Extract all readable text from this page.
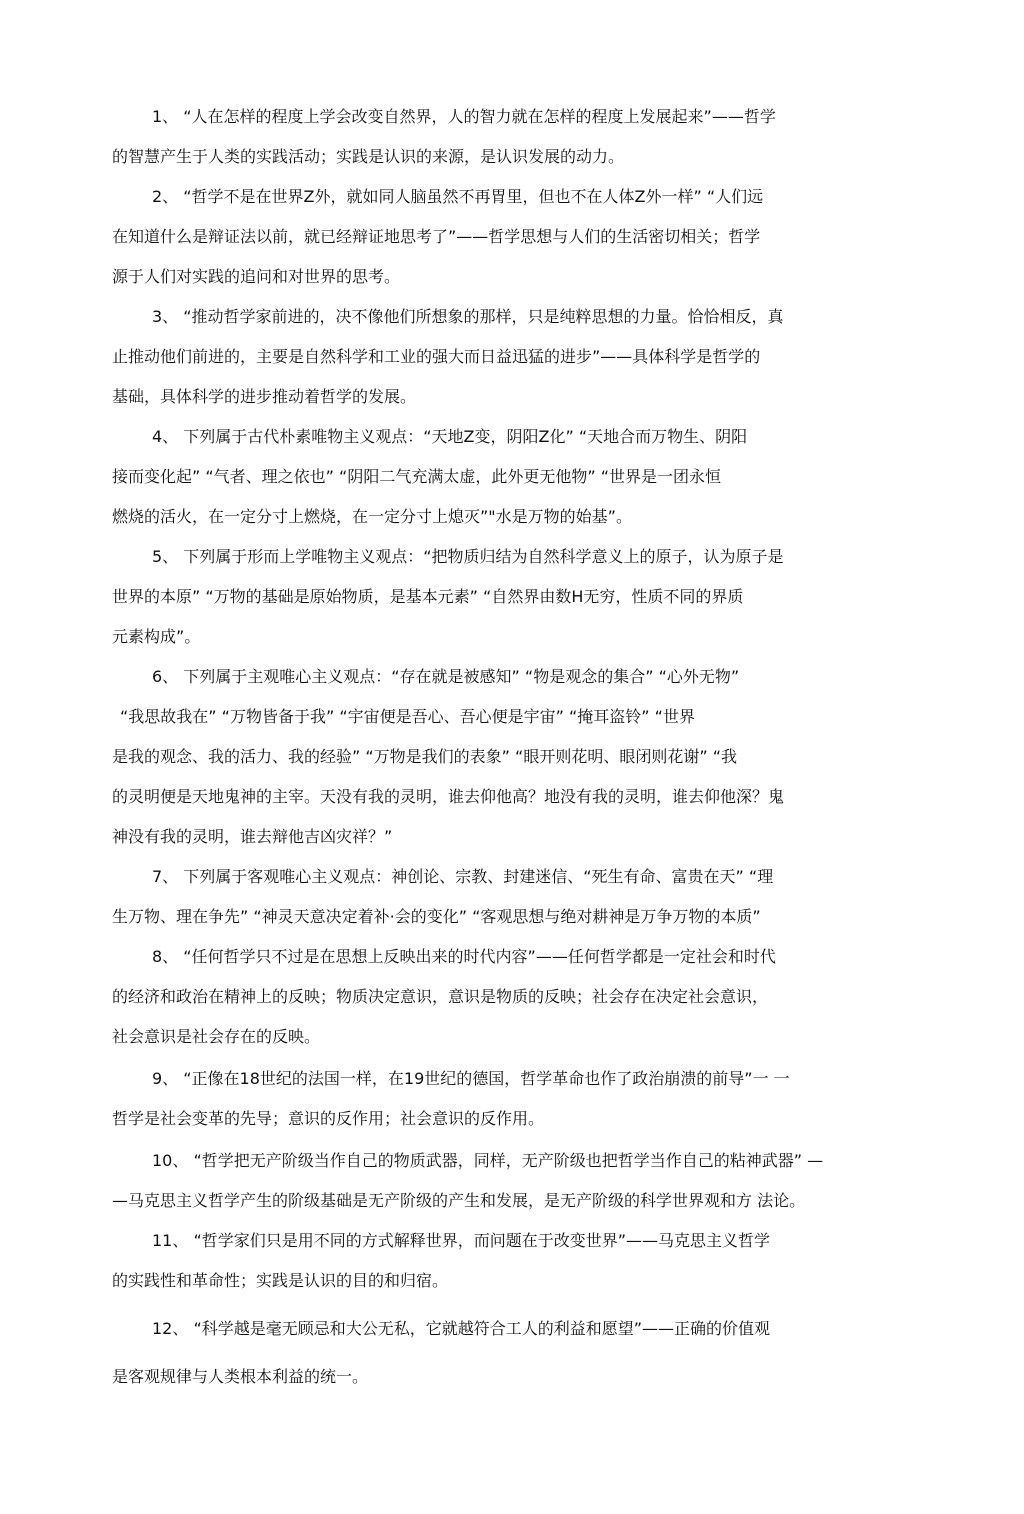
1、 “人在怎样的程度上学会改变自然界，人的智力就在怎样的程度上发展起来”——哲学
的智慧产生于人类的实践活动；实践是认识的来源，是认识发展的动力。
2、 “哲学不是在世界Z外，就如同人脑虽然不再胃里，但也不在人体Z外一样” “人们远
在知道什么是辩证法以前，就已经辩证地思考了”——哲学思想与人们的生活密切相关；哲学
源于人们对实践的追问和对世界的思考。
3、 “推动哲学家前进的，决不像他们所想象的那样，只是纯粹思想的力量。恰恰相反，真
止推动他们前进的，主要是自然科学和工业的强大而日益迅猛的进步”——具体科学是哲学的
基础，具体科学的进步推动着哲学的发展。
4、 下列属于古代朴素唯物主义观点：“天地Z变，阴阳Z化” “天地合而万物生、阴阳
接而变化起” “气者、理之依也” “阴阳二气充满太虚，此外更无他物” “世界是一团永恒
燃烧的活火，在一定分寸上燃烧，在一定分寸上熄灭”"水是万物的始基”。
5、 下列属于形而上学唯物主义观点：“把物质归结为自然科学意义上的原子，认为原子是
世界的本原” “万物的基础是原始物质，是基本元素” “自然界由数H无穷，性质不同的界质
元素构成”。
6、 下列属于主观唯心主义观点：“存在就是被感知” “物是观念的集合” “心外无物”
“我思故我在” “万物皆备于我” “宇宙便是吾心、吾心便是宇宙” “掩耳盗铃” “世界
是我的观念、我的活力、我的经验” “万物是我们的表象” “眼开则花明、眼闭则花谢” “我
的灵明便是天地鬼神的主宰。天没有我的灵明，谁去仰他高？地没有我的灵明，谁去仰他深？鬼
神没有我的灵明，谁去辩他吉凶灾祥？”
7、 下列属于客观唯心主义观点：神创论、宗教、封建迷信、“死生有命、富贵在天” “理
生万物、理在争先” “神灵天意决定着补·会的变化” “客观思想与绝对耕神是万争万物的本质”
8、 “任何哲学只不过是在思想上反映出来的时代内容”——任何哲学都是一定社会和时代
的经济和政治在精神上的反映；物质决定意识，意识是物质的反映；社会存在决定社会意识，
社会意识是社会存在的反映。
9、 “正像在18世纪的法国一样，在19世纪的德国，哲学革命也作了政治崩溃的前导”一 一
哲学是社会变革的先导；意识的反作用；社会意识的反作用。
10、 “哲学把无产阶级当作自己的物质武器，同样，无产阶级也把哲学当作自己的粘神武器” —
—马克思主义哲学产生的阶级基础是无产阶级的产生和发展，是无产阶级的科学世界观和方 法论。
11、 “哲学家们只是用不同的方式解释世界，而问题在于改变世界”——马克思主义哲学
的实践性和革命性；实践是认识的目的和归宿。
12、 “科学越是毫无顾忌和大公无私，它就越符合工人的利益和愿望”——正确的价值观
是客观规律与人类根本利益的统一。
